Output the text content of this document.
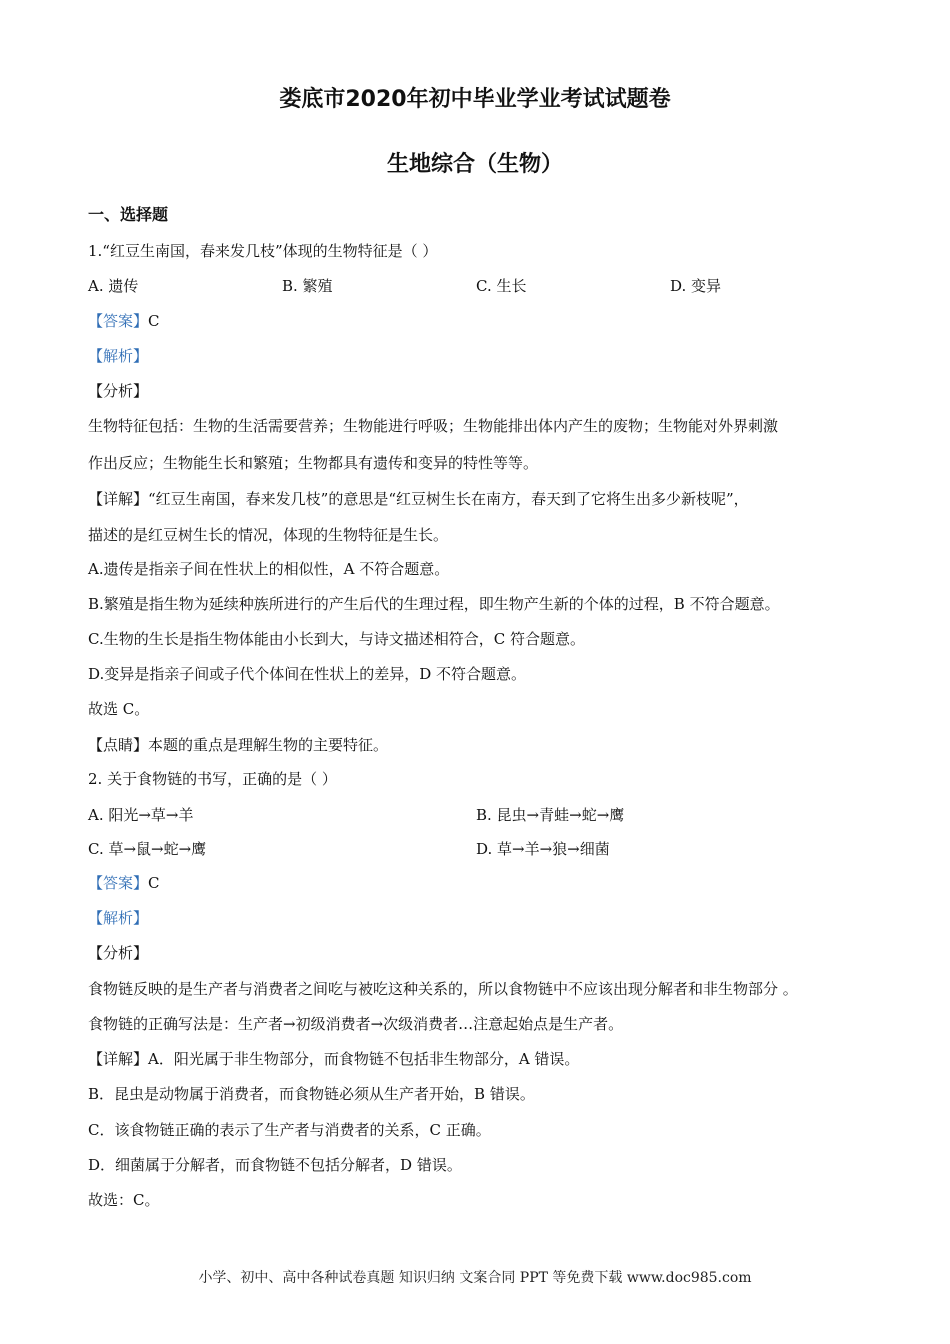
娄底市2020年初中毕业学业考试试题卷
生地综合（生物）
一、选择题
1.“红豆生南国，春来发几枝”体现的生物特征是（ ）
A. 遗传	B. 繁殖	C. 生长	D. 变异
【答案】C
【解析】
【分析】
生物特征包括：生物的生活需要营养；生物能进行呼吸；生物能排出体内产生的废物；生物能对外界刺激
作出反应；生物能生长和繁殖；生物都具有遗传和变异的特性等等。
【详解】“红豆生南国，春来发几枝”的意思是“红豆树生长在南方，春天到了它将生出多少新枝呢”，
描述的是红豆树生长的情况，体现的生物特征是生长。
A.遗传是指亲子间在性状上的相似性，A 不符合题意。
B.繁殖是指生物为延续种族所进行的产生后代的生理过程，即生物产生新的个体的过程，B 不符合题意。
C.生物的生长是指生物体能由小长到大，与诗文描述相符合，C 符合题意。
D.变异是指亲子间或子代个体间在性状上的差异，D 不符合题意。
故选 C。
【点睛】本题的重点是理解生物的主要特征。
2. 关于食物链的书写，正确的是（ ）
A. 阳光→草→羊	B. 昆虫→青蛙→蛇→鹰
C. 草→鼠→蛇→鹰	D. 草→羊→狼→细菌
【答案】C
【解析】
【分析】
食物链反映的是生产者与消费者之间吃与被吃这种关系的，所以食物链中不应该出现分解者和非生物部分 。
食物链的正确写法是：生产者→初级消费者→次级消费者…注意起始点是生产者。
【详解】A．阳光属于非生物部分，而食物链不包括非生物部分，A 错误。
B．昆虫是动物属于消费者，而食物链必须从生产者开始，B 错误。
C．该食物链正确的表示了生产者与消费者的关系，C 正确。
D．细菌属于分解者，而食物链不包括分解者，D 错误。
故选：C。
小学、初中、高中各种试卷真题 知识归纳 文案合同 PPT 等免费下载 www.doc985.com
